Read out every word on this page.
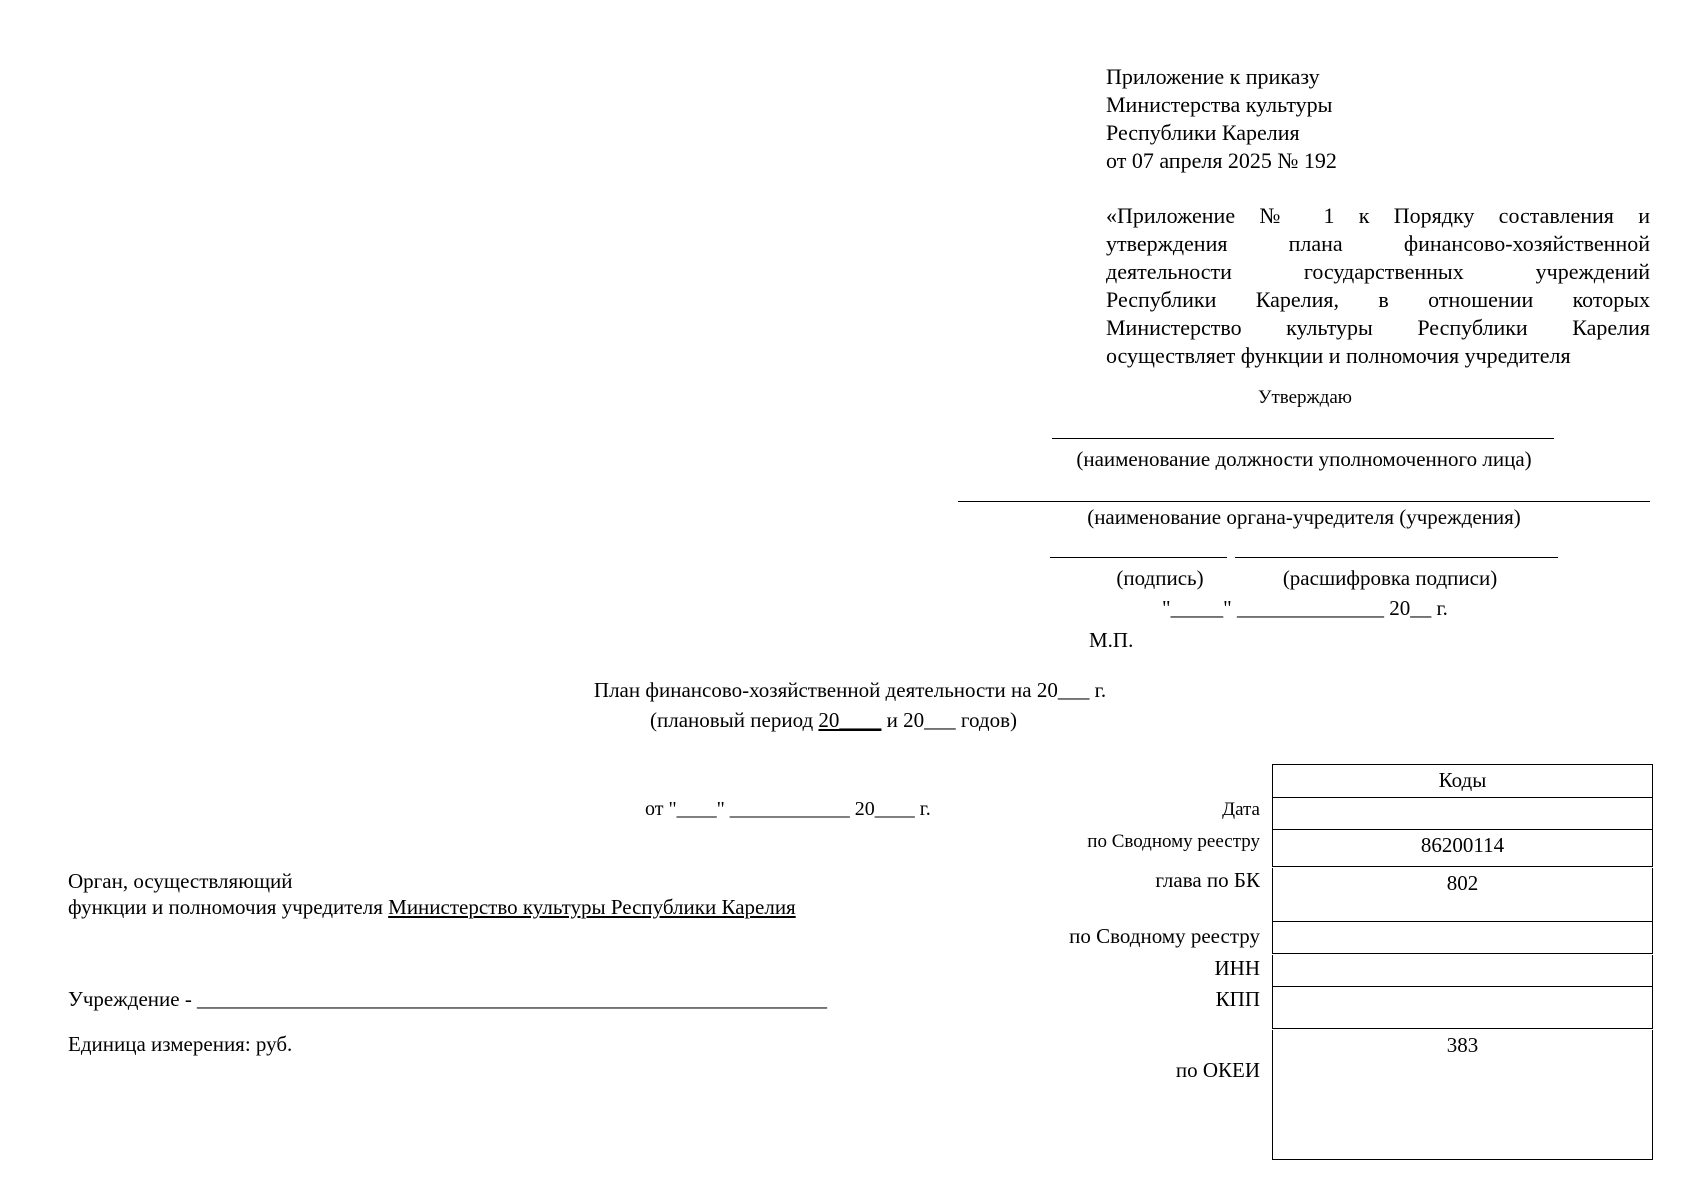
Приложение к приказу
Министерства культуры
Республики Карелия
от 07 апреля 2025 № 192
«Приложение № 1 к Порядку составления и
утверждения плана финансово-хозяйственной
деятельности государственных учреждений
Республики Карелия, в отношении которых
Министерство культуры Республики Карелия
осуществляет функции и полномочия учредителя
Утверждаю
(наименование должности уполномоченного лица)
(наименование органа-учредителя (учреждения)
(подпись)	(расшифровка подписи)
"_____" ______________ 20__ г.
М.П.
План финансово-хозяйственной деятельности на 20___ г.
(плановый период 20____ и 20___ годов)
от "____" ____________ 20____ г.
Орган, осуществляющий
функции и полномочия учредителя Министерство культуры Республики Карелия
Учреждение - ____________________________________________________________
Единица измерения: руб.
Дата
по Сводному реестру
глава по БК
по Сводному реестру
ИНН
КПП
по ОКЕИ
Коды
86200114
802
383
